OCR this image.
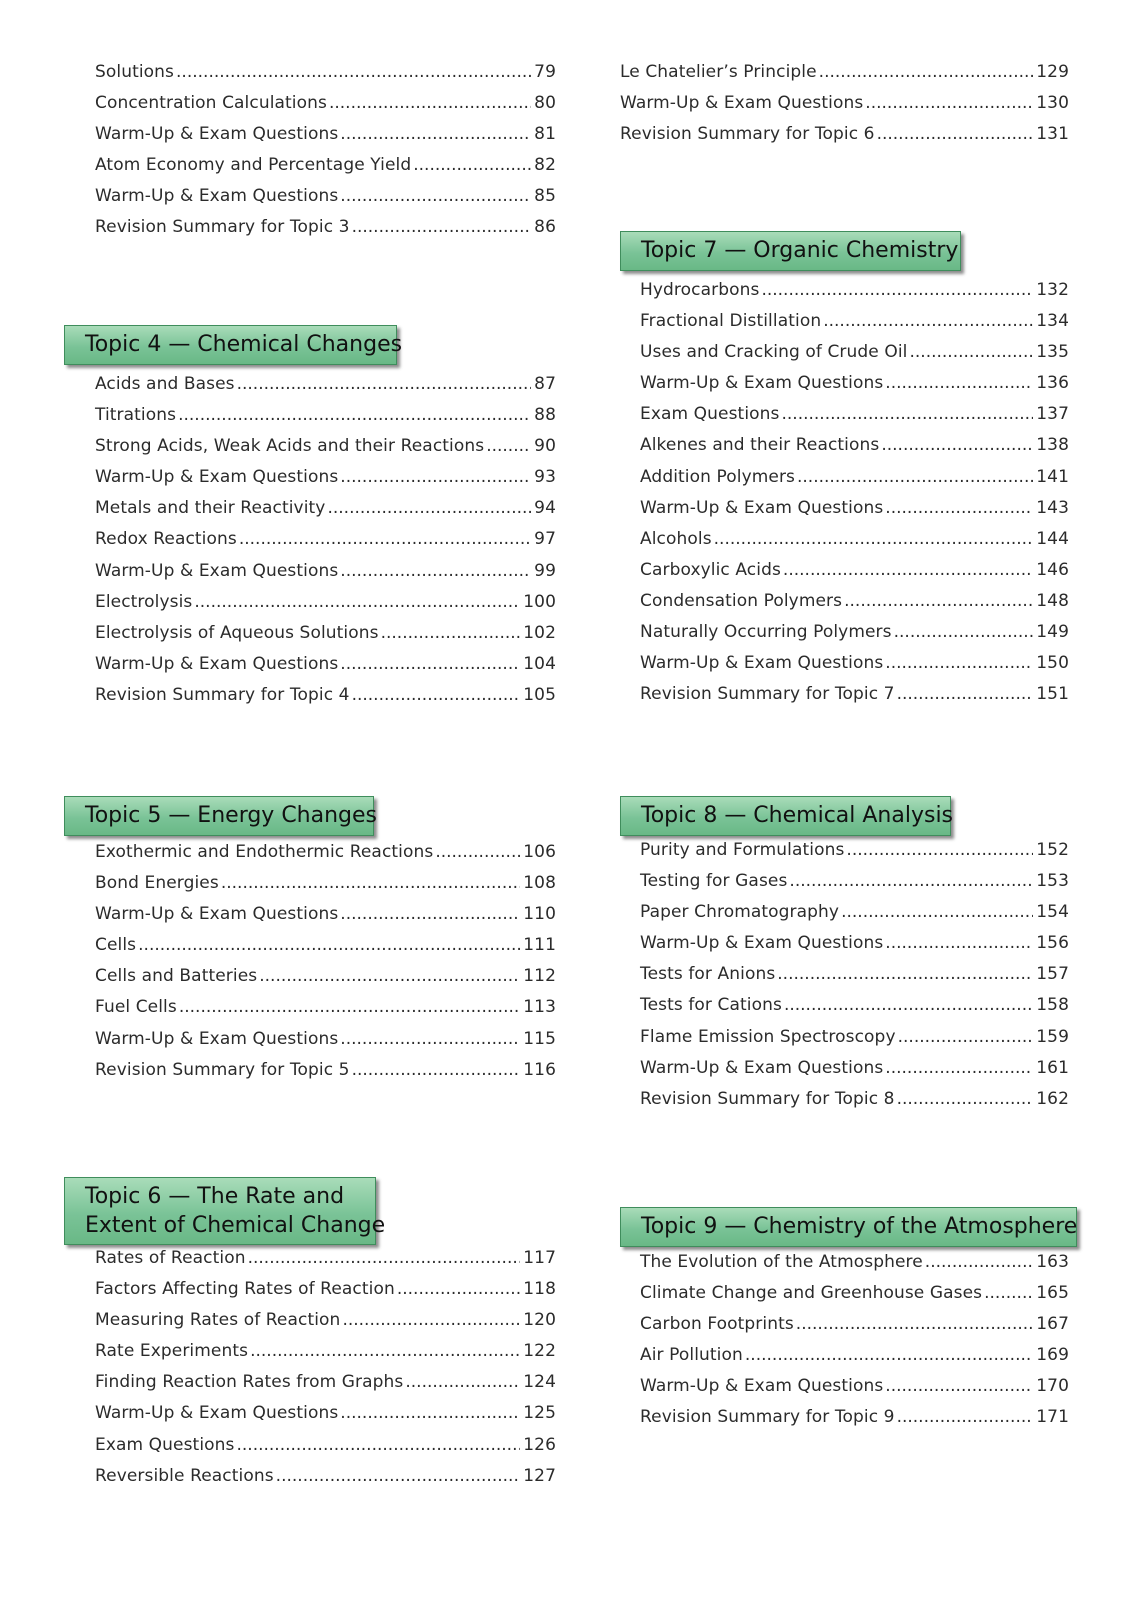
Solutions .....	79
Concentration Calculations .....	80
Warm-Up & Exam Questions .....	81
Atom Economy and Percentage Yield .....	82
Warm-Up & Exam Questions .....	85
Revision Summary for Topic 3 .....	86
Topic 4 — Chemical Changes
Acids and Bases .....	87
Titrations .....	88
Strong Acids, Weak Acids and their Reactions .....	90
Warm-Up & Exam Questions .....	93
Metals and their Reactivity .....	94
Redox Reactions .....	97
Warm-Up & Exam Questions .....	99
Electrolysis .....	100
Electrolysis of Aqueous Solutions .....	102
Warm-Up & Exam Questions .....	104
Revision Summary for Topic 4 .....	105
Topic 5 — Energy Changes
Exothermic and Endothermic Reactions .....	106
Bond Energies .....	108
Warm-Up & Exam Questions .....	110
Cells .....	111
Cells and Batteries .....	112
Fuel Cells .....	113
Warm-Up & Exam Questions .....	115
Revision Summary for Topic 5 .....	116
Topic 6 — The Rate and
Extent of Chemical Change
Rates of Reaction .....	117
Factors Affecting Rates of Reaction .....	118
Measuring Rates of Reaction .....	120
Rate Experiments .....	122
Finding Reaction Rates from Graphs .....	124
Warm-Up & Exam Questions .....	125
Exam Questions .....	126
Reversible Reactions .....	127
Le Chatelier’s Principle .....	129
Warm-Up & Exam Questions .....	130
Revision Summary for Topic 6 .....	131
Topic 7 — Organic Chemistry
Hydrocarbons .....	132
Fractional Distillation .....	134
Uses and Cracking of Crude Oil .....	135
Warm-Up & Exam Questions .....	136
Exam Questions .....	137
Alkenes and their Reactions .....	138
Addition Polymers .....	141
Warm-Up & Exam Questions .....	143
Alcohols .....	144
Carboxylic Acids .....	146
Condensation Polymers .....	148
Naturally Occurring Polymers .....	149
Warm-Up & Exam Questions .....	150
Revision Summary for Topic 7 .....	151
Topic 8 — Chemical Analysis
Purity and Formulations .....	152
Testing for Gases .....	153
Paper Chromatography .....	154
Warm-Up & Exam Questions .....	156
Tests for Anions .....	157
Tests for Cations .....	158
Flame Emission Spectroscopy .....	159
Warm-Up & Exam Questions .....	161
Revision Summary for Topic 8 .....	162
Topic 9 — Chemistry of the Atmosphere
The Evolution of the Atmosphere .....	163
Climate Change and Greenhouse Gases .....	165
Carbon Footprints .....	167
Air Pollution .....	169
Warm-Up & Exam Questions .....	170
Revision Summary for Topic 9 .....	171
